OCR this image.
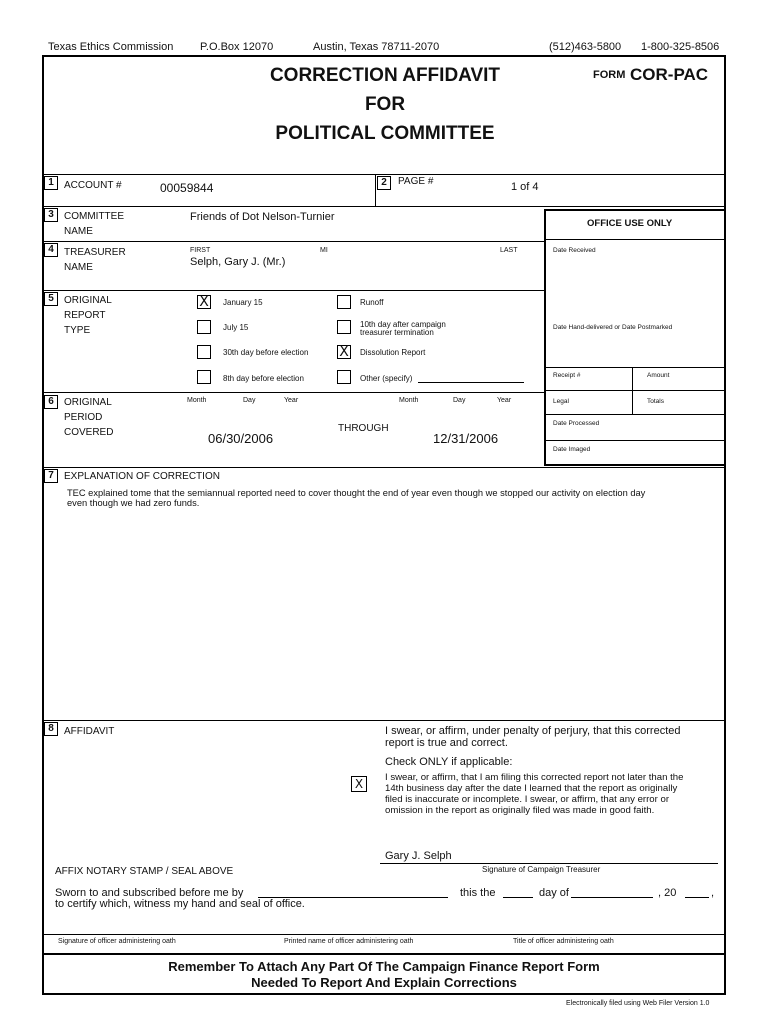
Texas Ethics Commission P.O.Box 12070	Austin, Texas 78711-2070	(512)463-5800 1-800-325-8506
CORRECTION AFFIDAVIT
FOR
POLITICAL COMMITTEE
FORM COR-PAC
1	ACCOUNT #	00059844	2	PAGE #	1 of 4
3	COMMITTEE
NAME
Friends of Dot Nelson-Turnier
OFFICE USE ONLY
Date Received
Date Hand-delivered or Date Postmarked
Receipt #	Amount
Legal	Totals
Date Processed
Date Imaged
4	TREASURER
NAME
FIRST	MI	LAST
Selph, Gary J. (Mr.)
5	ORIGINAL
REPORT
TYPE
X January 15	Runoff
July 15	10th day after campaign
treasurer termination
30th day before election X Dissolution Report
8th day before election	Other (specify)
6	ORIGINAL
PERIOD
COVERED
Month	Day	Year	Month	Day	Year
06/30/2006
THROUGH
12/31/2006
7	EXPLANATION OF CORRECTION
TEC explained tome that the semiannual reported need to cover thought the end of year even though we stopped our activity on election day
even though we had zero funds.
8	AFFIDAVIT	I swear, or affirm, under penalty of perjury, that this corrected
report is true and correct.
Check ONLY if applicable:
X	I swear, or affirm, that I am filing this corrected report not later than the
14th business day after the date I learned that the report as originally
filed is inaccurate or incomplete. I swear, or affirm, that any error or
omission in the report as originally filed was made in good faith.
Gary J. Selph
Signature of Campaign Treasurer
AFFIX NOTARY STAMP / SEAL ABOVE
Sworn to and subscribed before me by
to certify which, witness my hand and seal of office.
this the	day of	, 20	,
Signature of officer administering oath	Printed name of officer administering oath	Title of officer administering oath
Remember To Attach Any Part Of The Campaign Finance Report Form
Needed To Report And Explain Corrections
Electronically filed using Web Filer Version 1.0
